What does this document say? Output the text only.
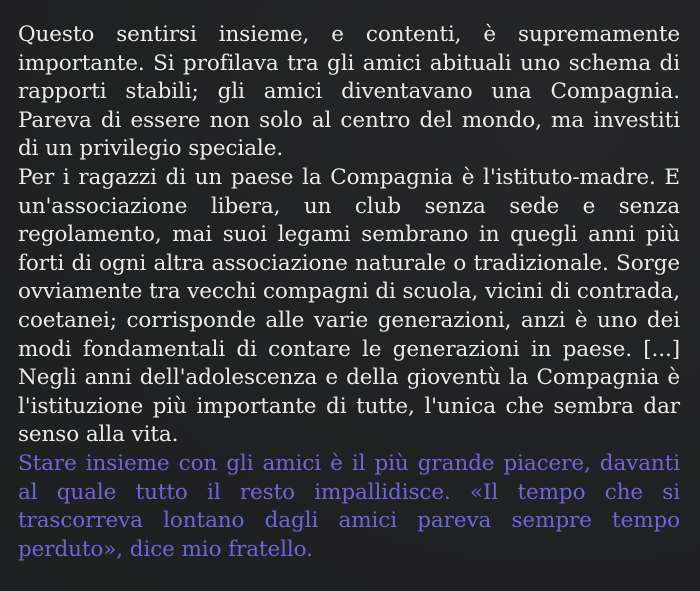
Questo sentirsi insieme, e contenti, è supremamente importante. Si profilava tra gli amici abituali uno schema di rapporti stabili; gli amici diventavano una Compagnia. Pareva di essere non solo al centro del mondo, ma investiti di un privilegio speciale.

Per i ragazzi di un paese la Compagnia è l'istituto-madre. E un'associazione libera, un club senza sede e senza regolamento, mai suoi legami sembrano in quegli anni più forti di ogni altra associazione naturale o tradizionale. Sorge ovviamente tra vecchi compagni di scuola, vicini di contrada, coetanei; corrisponde alle varie generazioni, anzi è uno dei modi fondamentali di contare le generazioni in paese. [...] Negli anni dell'adolescenza e della gioventù la Compagnia è l'istituzione più importante di tutte, l'unica che sembra dar senso alla vita.

Stare insieme con gli amici è il più grande piacere, davanti al quale tutto il resto impallidisce. «Il tempo che si trascorreva lontano dagli amici pareva sempre tempo perduto», dice mio fratello.
